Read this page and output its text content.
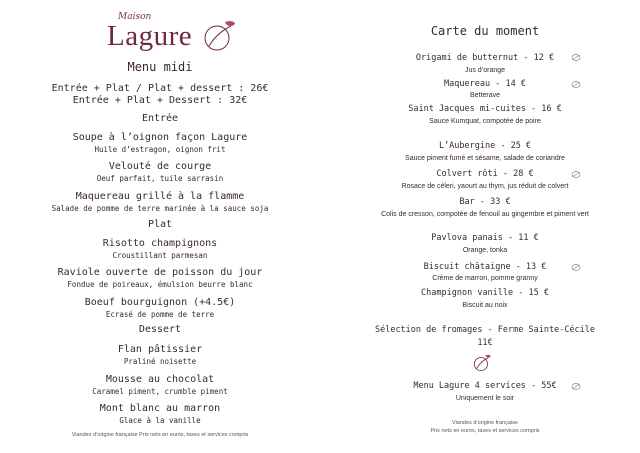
Maison
Lagure
Menu midi
Entrée + Plat / Plat + dessert : 26€
Entrée + Plat + Dessert : 32€
Entrée
Soupe à l’oignon façon Lagure
Huile d’estragon, oignon frit
Velouté de courge
Oeuf parfait, tuile sarrasin
Maquereau grillé à la flamme
Salade de pomme de terre marinée à la sauce soja
Plat
Risotto champignons
Croustillant parmesan
Raviole ouverte de poisson du jour
Fondue de poireaux, émulsion beurre blanc
Boeuf bourguignon (+4.5€)
Ecrasé de pomme de terre
Dessert
Flan pâtissier
Praliné noisette
Mousse au chocolat
Caramel piment, crumble piment
Mont blanc au marron
Glace à la vanille
Viandes d’origine française Prix nets en euros, taxes et services compris
Carte du moment
Origami de butternut - 12 €
Jus d’orange
Maquereau - 14 €
Betterave
Saint Jacques mi-cuites - 16 €
Sauce Kumquat, compotée de poire
L’Aubergine - 25 €
Sauce piment fumé et sésame, salade de coriandre
Colvert rôti - 28 €
Rosace de céleri, yaourt au thym, jus réduit de colvert
Bar - 33 €
Colis de cresson, compotée de fenouil au gingembre et piment vert
Pavlova panais - 11 €
Orange, tonka
Biscuit châtaigne - 13 €
Crème de marron, pomme granny
Champignon vanille - 15 €
Biscuit au noix
Sélection de fromages - Ferme Sainte-Cécile
11€
Menu Lagure 4 services - 55€
Uniquement le soir
Viandes d’origine française
Prix nets en euros, taxes et services compris
